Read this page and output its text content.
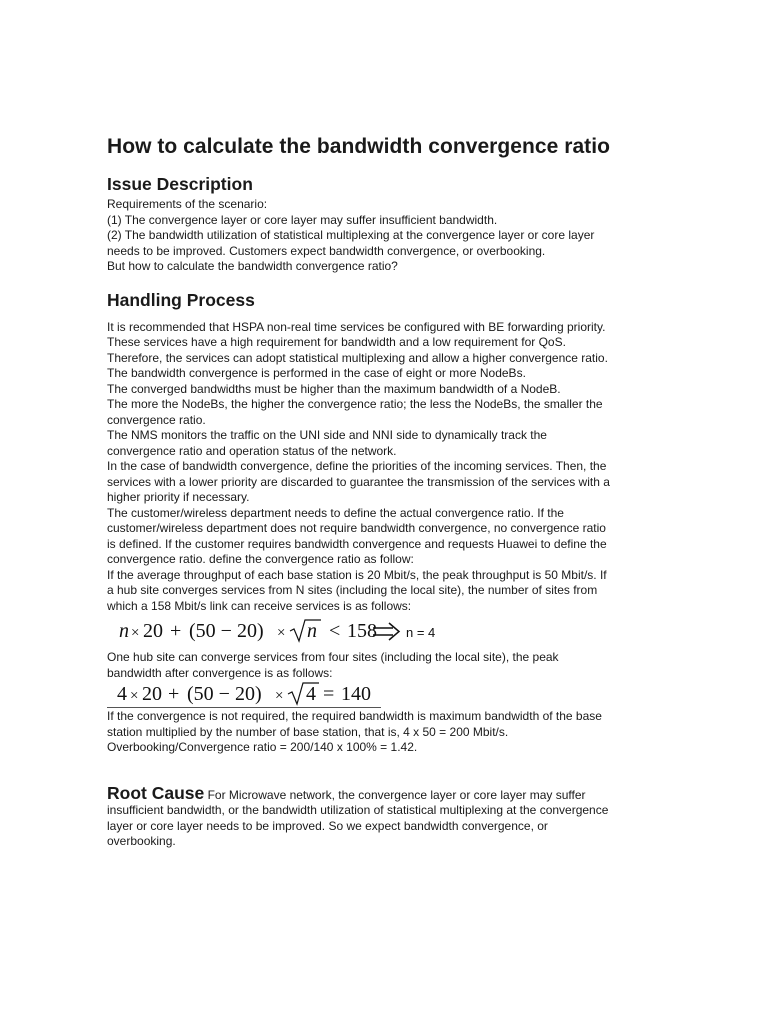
How to calculate the bandwidth convergence ratio
Issue Description
Requirements of the scenario:
(1) The convergence layer or core layer may suffer insufficient bandwidth.
(2) The bandwidth utilization of statistical multiplexing at the convergence layer or core layer
needs to be improved. Customers expect bandwidth convergence, or overbooking.
But how to calculate the bandwidth convergence ratio?
Handling Process
It is recommended that HSPA non-real time services be configured with BE forwarding priority.
These services have a high requirement for bandwidth and a low requirement for QoS.
Therefore, the services can adopt statistical multiplexing and allow a higher convergence ratio.
The bandwidth convergence is performed in the case of eight or more NodeBs.
The converged bandwidths must be higher than the maximum bandwidth of a NodeB.
The more the NodeBs, the higher the convergence ratio; the less the NodeBs, the smaller the
convergence ratio.
The NMS monitors the traffic on the UNI side and NNI side to dynamically track the
convergence ratio and operation status of the network.
In the case of bandwidth convergence, define the priorities of the incoming services. Then, the
services with a lower priority are discarded to guarantee the transmission of the services with a
higher priority if necessary.
The customer/wireless department needs to define the actual convergence ratio. If the
customer/wireless department does not require bandwidth convergence, no convergence ratio
is defined. If the customer requires bandwidth convergence and requests Huawei to define the
convergence ratio. define the convergence ratio as follow:
If the average throughput of each base station is 20 Mbit/s, the peak throughput is 50 Mbit/s. If
a hub site converges services from N sites (including the local site), the number of sites from
which a 158 Mbit/s link can receive services is as follows:
n × 20 + (50 − 20) × n < 158 n = 4
One hub site can converge services from four sites (including the local site), the peak
bandwidth after convergence is as follows:
4 × 20 + (50 − 20) × 4 = 140
If the convergence is not required, the required bandwidth is maximum bandwidth of the base
station multiplied by the number of base station, that is, 4 x 50 = 200 Mbit/s.
Overbooking/Convergence ratio = 200/140 x 100% = 1.42.
Root Cause For Microwave network, the convergence layer or core layer may suffer
insufficient bandwidth, or the bandwidth utilization of statistical multiplexing at the convergence
layer or core layer needs to be improved. So we expect bandwidth convergence, or
overbooking.
